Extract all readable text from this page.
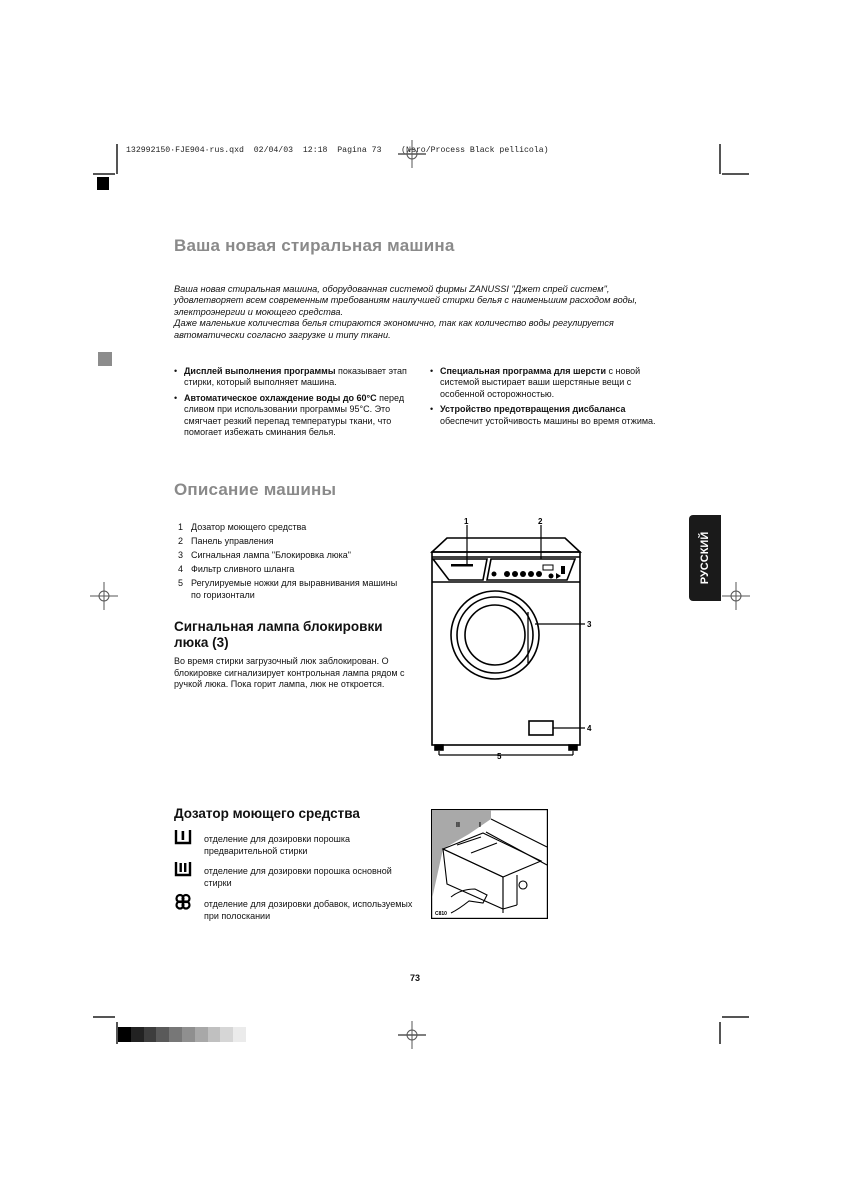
132992150·FJE904·rus.qxd  02/04/03  12:18  Pagina 73    (Nero/Process Black pellicola)
Ваша новая стиральная машина
Ваша новая стиральная машина, оборудованная системой фирмы ZANUSSI "Джет спрей систем", удовлетворяет всем современным требованиям наилучшей стирки белья с наименьшим расходом воды, электроэнергии и моющего средства.
Даже маленькие количества белья стираются экономично, так как количество воды регулируется автоматически согласно загрузке и типу ткани.

• Дисплей выполнения программы показывает этап стирки, который выполняет машина.

• Автоматическое охлаждение воды до 60°C перед сливом при использовании программы 95°C. Это смягчает резкий перепад температуры ткани, что помогает избежать сминания белья.

• Специальная программа для шерсти с новой системой выстирает ваши шерстяные вещи с особенной осторожностью.

• Устройство предотвращения дисбаланса обеспечит устойчивость машины во время отжима.

Описание машины
1 Дозатор моющего средства
2 Панель управления
3 Сигнальная лампа "Блокировка люка"
4 Фильтр сливного шланга
5 Регулируемые ножки для выравнивания машины по горизонтали
1	2
3
4
5
Сигнальная лампа блокировки люка (3)
Во время стирки загрузочный люк заблокирован. О блокировке сигнализирует контрольная лампа рядом с ручкой люка. Пока горит лампа, люк не откроется.
РУССКИЙ
Дозатор моющего средства
отделение для дозировки порошка предварительной стирки
отделение для дозировки порошка основной стирки
отделение для дозировки добавок, используемых при полоскании
II	I
C810
73
